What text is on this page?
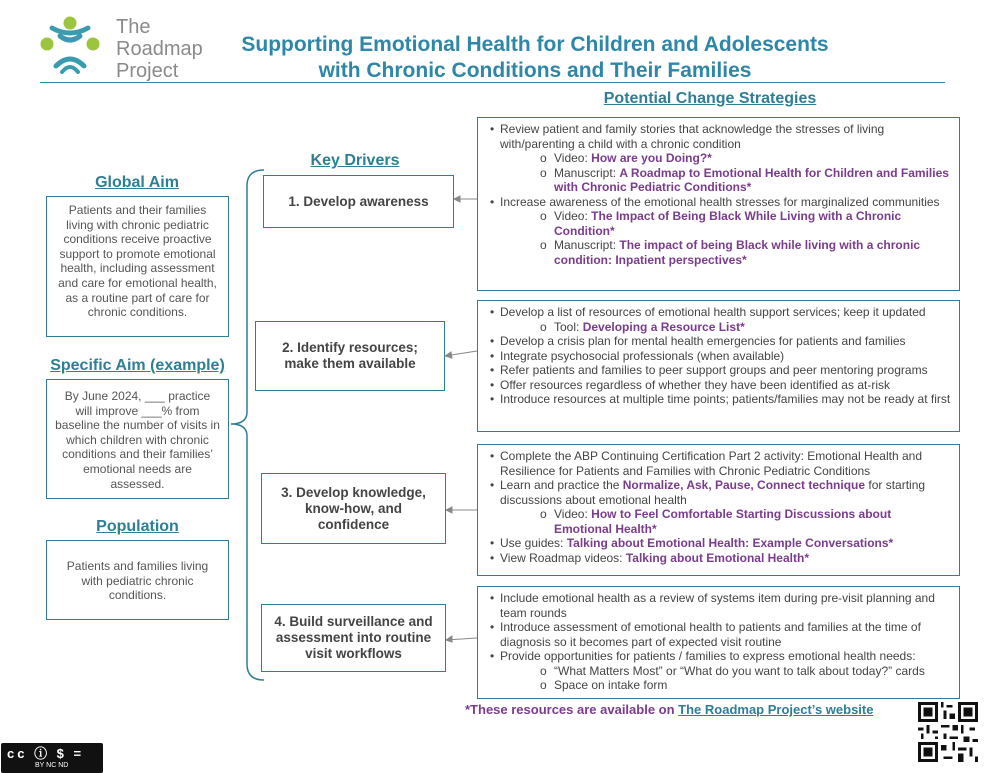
The
Roadmap
Project
Supporting Emotional Health for Children and Adolescents
with Chronic Conditions and Their Families
Potential Change Strategies
Key Drivers
Global Aim
Patients and their families living with chronic pediatric conditions receive proactive support to promote emotional health, including assessment and care for emotional health, as a routine part of care for chronic conditions.
Specific Aim (example)
By June 2024, ___ practice will improve ___% from baseline the number of visits in which children with chronic conditions and their families’ emotional needs are assessed.
Population
Patients and families living with pediatric chronic conditions.
1. Develop awareness
2. Identify resources; make them available
3. Develop knowledge, know-how, and confidence
4. Build surveillance and assessment into routine visit workflows
• Review patient and family stories that acknowledge the stresses of living with/parenting a child with a chronic condition
o Video: How are you Doing?*
o Manuscript: A Roadmap to Emotional Health for Children and Families with Chronic Pediatric Conditions*
• Increase awareness of the emotional health stresses for marginalized communities
o Video: The Impact of Being Black While Living with a Chronic Condition*
o Manuscript: The impact of being Black while living with a chronic condition: Inpatient perspectives*
• Develop a list of resources of emotional health support services; keep it updated
o Tool: Developing a Resource List*
• Develop a crisis plan for mental health emergencies for patients and families
• Integrate psychosocial professionals (when available)
• Refer patients and families to peer support groups and peer mentoring programs
• Offer resources regardless of whether they have been identified as at-risk
• Introduce resources at multiple time points; patients/families may not be ready at first
• Complete the ABP Continuing Certification Part 2 activity: Emotional Health and Resilience for Patients and Families with Chronic Pediatric Conditions
• Learn and practice the Normalize, Ask, Pause, Connect technique for starting discussions about emotional health
o Video: How to Feel Comfortable Starting Discussions about Emotional Health*
• Use guides: Talking about Emotional Health: Example Conversations*
• View Roadmap videos: Talking about Emotional Health*
• Include emotional health as a review of systems item during pre-visit planning and team rounds
• Introduce assessment of emotional health to patients and families at the time of diagnosis so it becomes part of expected visit routine
• Provide opportunities for patients / families to express emotional health needs:
o “What Matters Most” or “What do you want to talk about today?” cards
o Space on intake form
*These resources are available on The Roadmap Project’s website
cc ⓘ $ =
BY NC ND
